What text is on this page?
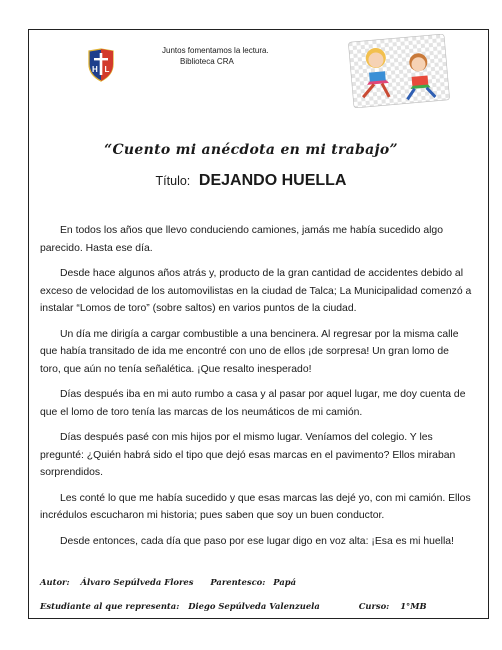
H L
Juntos fomentamos la lectura.
Biblioteca CRA
“Cuento mi anécdota en mi trabajo”
Título: DEJANDO HUELLA

En todos los años que llevo conduciendo camiones, jamás me había sucedido algo parecido. Hasta ese día.

Desde hace algunos años atrás y, producto de la gran cantidad de accidentes debido al exceso de velocidad de los automovilistas en la ciudad de Talca; La Municipalidad comenzó a instalar “Lomos de toro” (sobre saltos) en varios puntos de la ciudad.

Un día me dirigía a cargar combustible a una bencinera. Al regresar por la misma calle que había transitado de ida me encontré con uno de ellos ¡de sorpresa! Un gran lomo de toro, que aún no tenía señalética. ¡Que resalto inesperado!

Días después iba en mi auto rumbo a casa y al pasar por aquel lugar, me doy cuenta de que el lomo de toro tenía las marcas de los neumáticos de mi camión.

Días después pasé con mis hijos por el mismo lugar. Veníamos del colegio. Y les pregunté: ¿Quién habrá sido el tipo que dejó esas marcas en el pavimento? Ellos miraban sorprendidos.

Les conté lo que me había sucedido y que esas marcas las dejé yo, con mi camión. Ellos incrédulos escucharon mi historia; pues saben que soy un buen conductor.

Desde entonces, cada día que paso por ese lugar digo en voz alta: ¡Esa es mi huella!

Autor: Álvaro Sepúlveda Flores Parentesco: Papá
Estudiante al que representa: Diego Sepúlveda Valenzuela	Curso: 1°MB
